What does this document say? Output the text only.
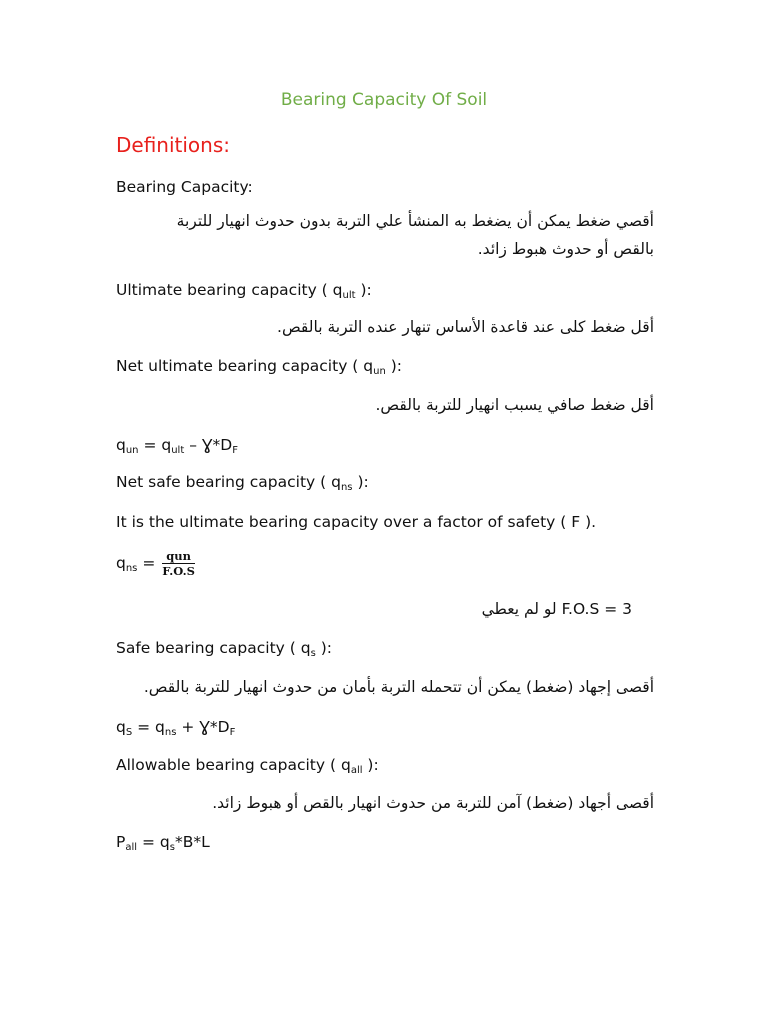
Bearing Capacity Of Soil
Definitions:
Bearing Capacity:
أقصي ضغط يمكن أن يضغط به المنشأ علي التربة بدون حدوث انهيار للتربة
بالقص أو حدوث هبوط زائد.
Ultimate bearing capacity ( $q_{ult}$ ):
أقل ضغط كلى عند قاعدة الأساس تنهار عنده التربة بالقص.
Net ultimate bearing capacity ( $q_{un}$ ):
أقل ضغط صافي يسبب انهيار للتربة بالقص.
$q_{un} = q_{ult}$ – $Ɣ*D_F$
Net safe bearing capacity ( $q_{ns}$ ):
It is the ultimate bearing capacity over a factor of safety ( F ).
$q_{ns} = \frac{\text{qun}}{F.O.S}$
F.O.S = 3 لو لم يعطي
Safe bearing capacity ( $q_s$ ):
أقصى إجهاد (ضغط) يمكن أن تتحمله التربة بأمان من حدوث انهيار للتربة بالقص.
$q_S = q_{ns}$ + $Ɣ*D_F$
Allowable bearing capacity ( $q_{all}$ ):
أقصى أجهاد (ضغط) آمن للتربة من حدوث انهيار بالقص أو هبوط زائد.
$P_{all} = q_s*B*L$
